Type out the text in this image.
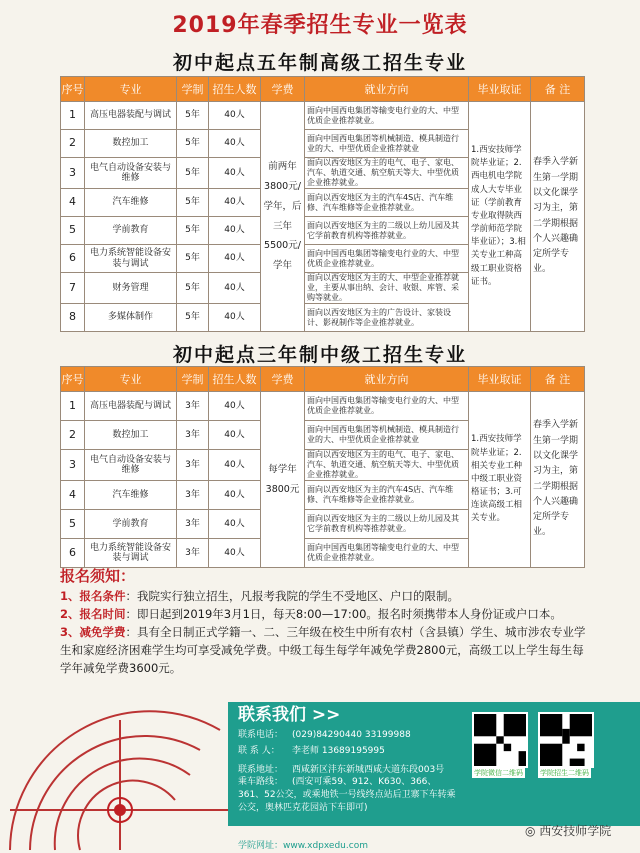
2019年春季招生专业一览表
初中起点五年制高级工招生专业
序号	专业	学制	招生人数	学费	就业方向	毕业取证	备 注
1	高压电器装配与调试	5年	40人	前两年3800元/学年，后三年5500元/学年	面向中国西电集团等输变电行业的大、中型优质企业推荐就业。	1.西安技师学院毕业证；2.西电机电学院成人大专毕业证（学前教育专业取得陕西学前师范学院毕业证）；3.相关专业工种高级工职业资格证书。	春季入学新生第一学期以文化课学习为主，第二学期根据个人兴趣确定所学专业。
2	数控加工	5年	40人		面向中国西电集团等机械制造、模具制造行业的大、中型优质企业推荐就业		
3	电气自动设备安装与维修	5年	40人		面向以西安地区为主的电气、电子、家电、汽车、轨道交通、航空航天等大、中型优质企业推荐就业。		
4	汽车维修	5年	40人		面向以西安地区为主的汽车4S店、汽车维修、汽车维修等企业推荐就业。		
5	学前教育	5年	40人		面向以西安地区为主的二级以上幼儿园及其它学前教育机构等推荐就业。		
6	电力系统智能设备安装与调试	5年	40人		面向中国西电集团等输变电行业的大、中型优质企业推荐就业。		
7	财务管理	5年	40人		面向以西安地区为主的大、中型企业推荐就业，主要从事出纳、会计、收银、库管、采购等就业。		
8	多媒体制作	5年	40人		面向以西安地区为主的广告设计、家装设计、影视制作等企业推荐就业。		
初中起点三年制中级工招生专业
序号	专业	学制	招生人数	学费	就业方向	毕业取证	备 注
1	高压电器装配与调试	3年	40人	每学年3800元	面向中国西电集团等输变电行业的大、中型优质企业推荐就业。	1.西安技师学院毕业证；2.相关专业工种中级工职业资格证书；3.可连读高级工相关专业。	春季入学新生第一学期以文化课学习为主，第二学期根据个人兴趣确定所学专业。
2	数控加工	3年	40人		面向中国西电集团等机械制造、模具制造行业的大、中型优质企业推荐就业		
3	电气自动设备安装与维修	3年	40人		面向以西安地区为主的电气、电子、家电、汽车、轨道交通、航空航天等大、中型优质企业推荐就业。		
4	汽车维修	3年	40人		面向以西安地区为主的汽车4S店、汽车维修、汽车维修等企业推荐就业。		
5	学前教育	3年	40人		面向以西安地区为主的二级以上幼儿园及其它学前教育机构等推荐就业。		
6	电力系统智能设备安装与调试	3年	40人		面向中国西电集团等输变电行业的大、中型优质企业推荐就业。		
报名须知：
1、报名条件：我院实行独立招生，凡报考我院的学生不受地区、户口的限制。
2、报名时间：即日起到2019年3月1日，每天8:00—17:00。报名时须携带本人身份证或户口本。
3、减免学费：具有全日制正式学籍一、二、三年级在校生中所有农村（含县镇）学生、城市涉农专业学生和家庭经济困难学生均可享受减免学费。中级工每生每学年减免学费2800元，高级工以上学生每生每学年减免学费3600元。
联系我们 >>
联系电话： (029)84290440 33199988
联 系 人： 李老师 13689195995
联系地址： 西咸新区沣东新城西咸大道东段003号
乘车路线： (西安可乘59、912、K630、366、361、52公交，或乘地铁一号线终点站后卫寨下车转乘公交，奥林匹克花园站下车即可)
学院微信二维码 学院招生二维码
学院网址：www.xdpxedu.com
◎ 西安技师学院
